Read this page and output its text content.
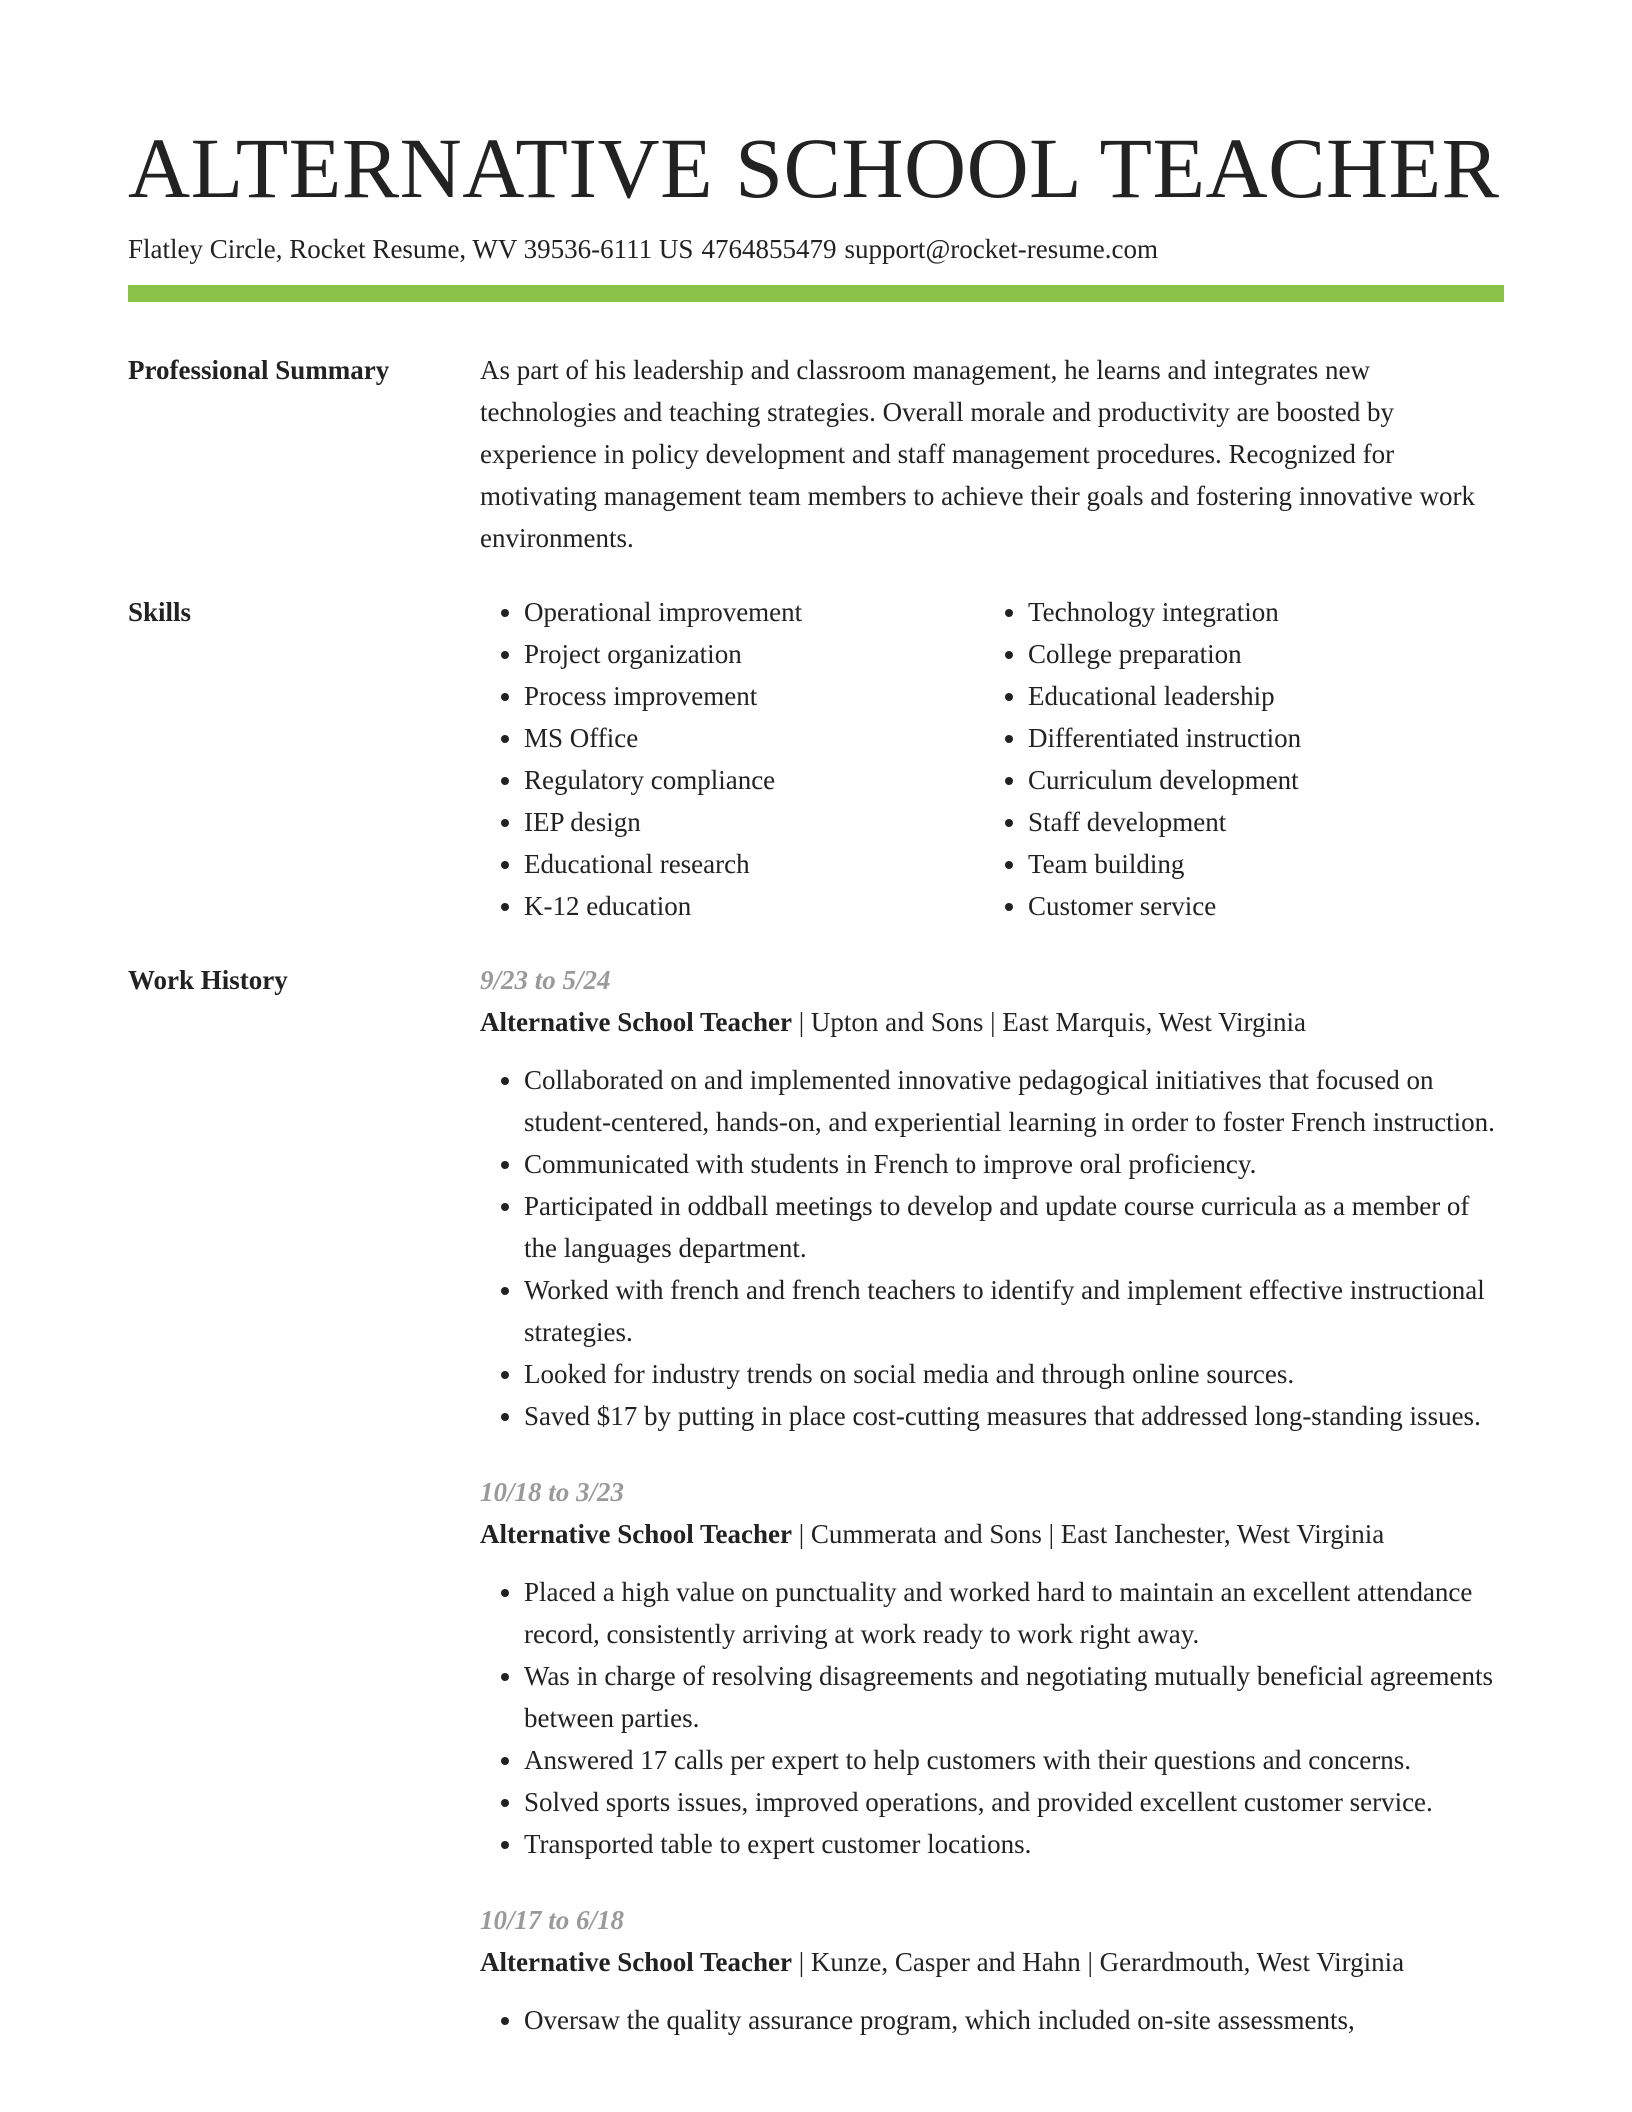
ALTERNATIVE SCHOOL TEACHER
Flatley Circle, Rocket Resume, WV 39536-6111 US 4764855479 support@rocket-resume.com
Professional Summary	As part of his leadership and classroom management, he learns and integrates new technologies and teaching strategies. Overall morale and productivity are boosted by experience in policy development and staff management procedures. Recognized for motivating management team members to achieve their goals and fostering innovative work environments.

Skills
•	Operational improvement
• Project organization
• Process improvement
• MS Office
• Regulatory compliance
• IEP design
• Educational research
• K-12 education
• Technology integration
• College preparation
• Educational leadership
• Differentiated instruction
• Curriculum development
• Staff development
• Team building
• Customer service
Work History	9/23 to 5/24
Alternative School Teacher | Upton and Sons | East Marquis, West Virginia
• Collaborated on and implemented innovative pedagogical initiatives that focused on student-centered, hands-on, and experiential learning in order to foster French instruction.
• Communicated with students in French to improve oral proficiency.
• Participated in oddball meetings to develop and update course curricula as a member of the languages department.
• Worked with french and french teachers to identify and implement effective instructional strategies.
• Looked for industry trends on social media and through online sources.
• Saved $17 by putting in place cost-cutting measures that addressed long-standing issues.
10/18 to 3/23
Alternative School Teacher | Cummerata and Sons | East Ianchester, West Virginia
• Placed a high value on punctuality and worked hard to maintain an excellent attendance record, consistently arriving at work ready to work right away.
• Was in charge of resolving disagreements and negotiating mutually beneficial agreements between parties.
• Answered 17 calls per expert to help customers with their questions and concerns.
• Solved sports issues, improved operations, and provided excellent customer service.
• Transported table to expert customer locations.
10/17 to 6/18
Alternative School Teacher | Kunze, Casper and Hahn | Gerardmouth, West Virginia
• Oversaw the quality assurance program, which included on-site assessments,
